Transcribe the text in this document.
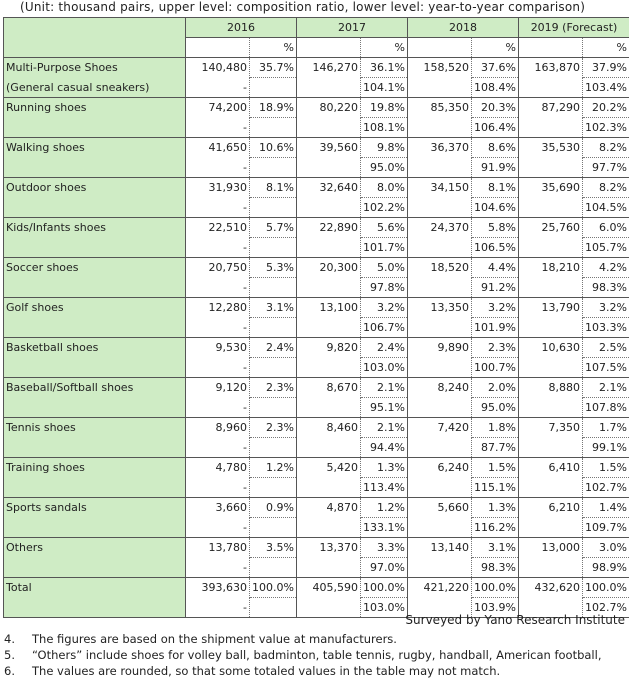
(Unit: thousand pairs, upper level: composition ratio, lower level: year-to-year comparison)
	2016		2017		2018		2019 (Forecast)	
		%		%		%		%
Multi-Purpose Shoes	140,480	35.7%	146,270	36.1%	158,520	37.6%	163,870	37.9%
(General casual sneakers)	-			104.1%		108.4%		103.4%
Running shoes	74,200	18.9%	80,220	19.8%	85,350	20.3%	87,290	20.2%
	-			108.1%		106.4%		102.3%
Walking shoes	41,650	10.6%	39,560	9.8%	36,370	8.6%	35,530	8.2%
	-			95.0%		91.9%		97.7%
Outdoor shoes	31,930	8.1%	32,640	8.0%	34,150	8.1%	35,690	8.2%
	-			102.2%		104.6%		104.5%
Kids/Infants shoes	22,510	5.7%	22,890	5.6%	24,370	5.8%	25,760	6.0%
	-			101.7%		106.5%		105.7%
Soccer shoes	20,750	5.3%	20,300	5.0%	18,520	4.4%	18,210	4.2%
	-			97.8%		91.2%		98.3%
Golf shoes	12,280	3.1%	13,100	3.2%	13,350	3.2%	13,790	3.2%
	-			106.7%		101.9%		103.3%
Basketball shoes	9,530	2.4%	9,820	2.4%	9,890	2.3%	10,630	2.5%
	-			103.0%		100.7%		107.5%
Baseball/Softball shoes	9,120	2.3%	8,670	2.1%	8,240	2.0%	8,880	2.1%
	-			95.1%		95.0%		107.8%
Tennis shoes	8,960	2.3%	8,460	2.1%	7,420	1.8%	7,350	1.7%
	-			94.4%		87.7%		99.1%
Training shoes	4,780	1.2%	5,420	1.3%	6,240	1.5%	6,410	1.5%
	-			113.4%		115.1%		102.7%
Sports sandals	3,660	0.9%	4,870	1.2%	5,660	1.3%	6,210	1.4%
	-			133.1%		116.2%		109.7%
Others	13,780	3.5%	13,370	3.3%	13,140	3.1%	13,000	3.0%
	-			97.0%		98.3%		98.9%
Total	393,630	100.0%	405,590	100.0%	421,220	100.0%	432,620	100.0%
	-			103.0%		103.9%		102.7%
Surveyed by Yano Research Institute
4. The figures are based on the shipment value at manufacturers.
5. “Others” include shoes for volley ball, badminton, table tennis, rugby, handball, American football,
6. The values are rounded, so that some totaled values in the table may not match.
